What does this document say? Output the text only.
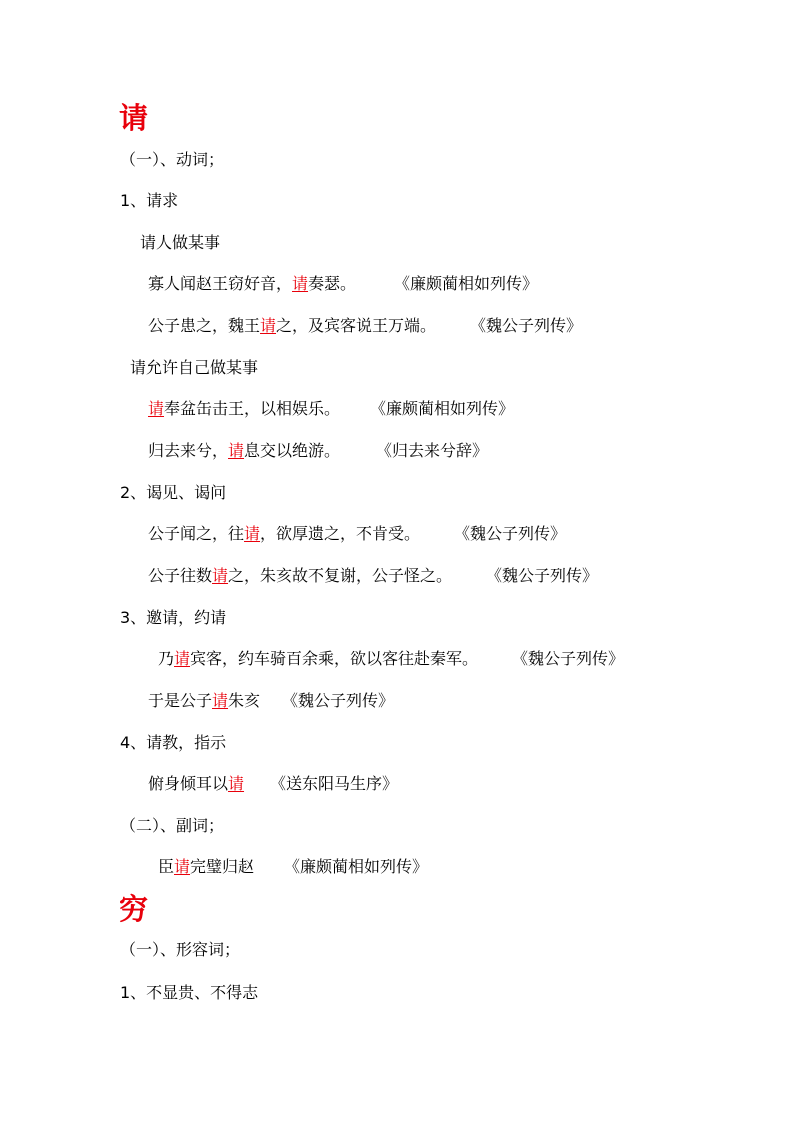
请
穷
（一）、动词；
1、请求
请人做某事
寡人闻赵王窃好音，请奏瑟。 《廉颇蔺相如列传》
公子患之，魏王请之，及宾客说王万端。 《魏公子列传》
请允许自己做某事
请奉盆缶击王，以相娱乐。 《廉颇蔺相如列传》
归去来兮，请息交以绝游。 《归去来兮辞》
2、谒见、谒问
公子闻之，往请，欲厚遗之，不肯受。 《魏公子列传》
公子往数请之，朱亥故不复谢，公子怪之。 《魏公子列传》
3、邀请，约请
乃请宾客，约车骑百余乘，欲以客往赴秦军。 《魏公子列传》
于是公子请朱亥 《魏公子列传》
4、请教，指示
俯身倾耳以请 《送东阳马生序》
（二）、副词；
臣请完璧归赵 《廉颇蔺相如列传》
（一）、形容词；
1、不显贵、不得志
